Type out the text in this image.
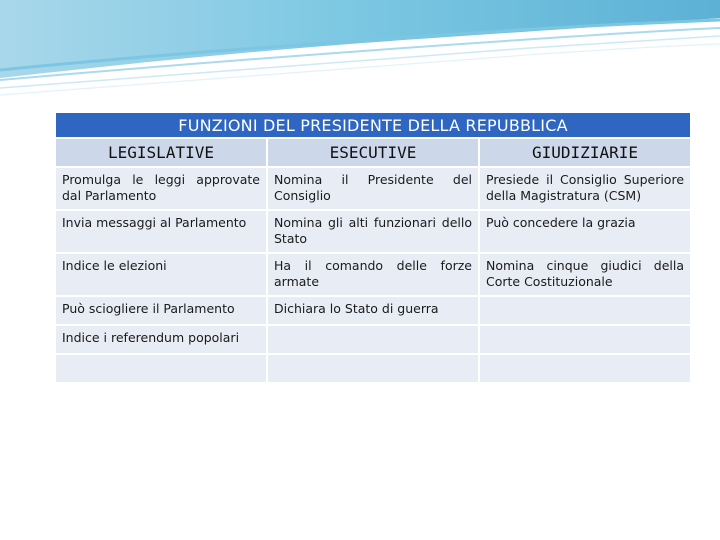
FUNZIONI DEL PRESIDENTE DELLA REPUBBLICA		
LEGISLATIVE	ESECUTIVE	GIUDIZIARIE
Promulga le leggi approvate dal Parlamento	Nomina il Presidente del Consiglio	Presiede il Consiglio Superiore della Magistratura (CSM)
Invia messaggi al Parlamento	Nomina gli alti funzionari dello Stato	Può concedere la grazia
Indice le elezioni	Ha il comando delle forze armate	Nomina cinque giudici della Corte Costituzionale
Può sciogliere il Parlamento	Dichiara lo Stato di guerra	
Indice i referendum popolari		
